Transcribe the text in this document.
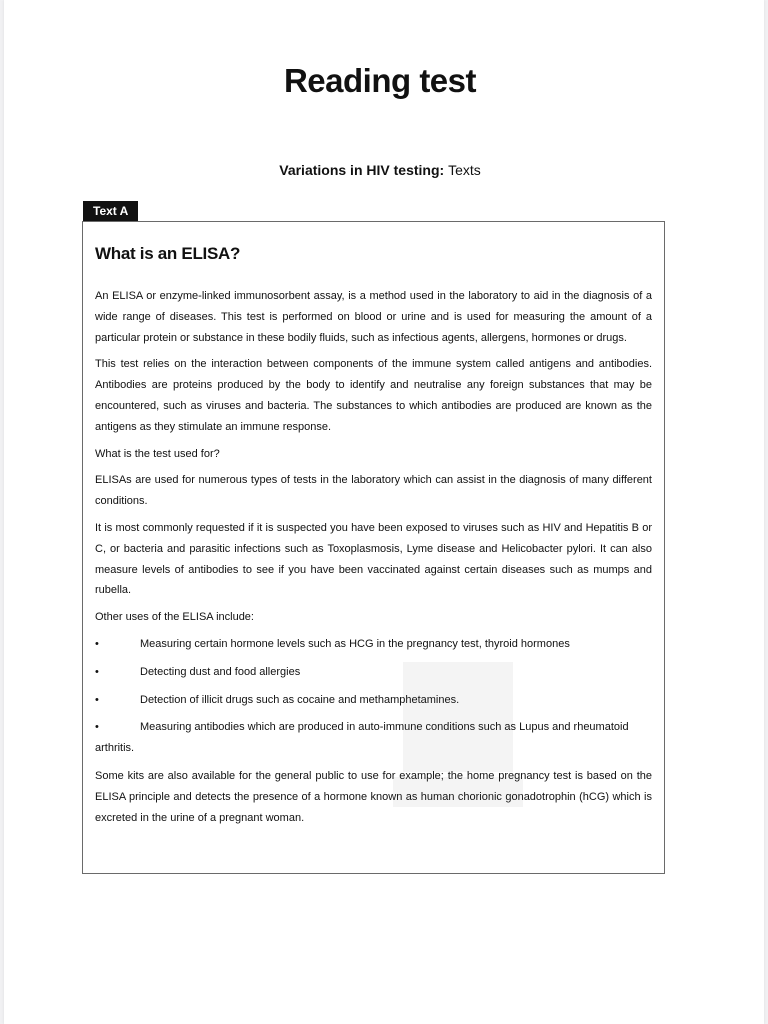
Reading test
Variations in HIV testing: Texts
Text A
What is an ELISA?

An ELISA or enzyme-linked immunosorbent assay, is a method used in the laboratory to aid in the diagnosis of a wide range of diseases. This test is performed on blood or urine and is used for measuring the amount of a particular protein or substance in these bodily fluids, such as infectious agents, allergens, hormones or drugs.

This test relies on the interaction between components of the immune system called antigens and antibodies. Antibodies are proteins produced by the body to identify and neutralise any foreign substances that may be encountered, such as viruses and bacteria. The substances to which antibodies are produced are known as the antigens as they stimulate an immune response.

What is the test used for?

ELISAs are used for numerous types of tests in the laboratory which can assist in the diagnosis of many different conditions.

It is most commonly requested if it is suspected you have been exposed to viruses such as HIV and Hepatitis B or C, or bacteria and parasitic infections such as Toxoplasmosis, Lyme disease and Helicobacter pylori. It can also measure levels of antibodies to see if you have been vaccinated against certain diseases such as mumps and rubella.

Other uses of the ELISA include:

•	Measuring certain hormone levels such as HCG in the pregnancy test, thyroid hormones
•	Detecting dust and food allergies
•	Detection of illicit drugs such as cocaine and methamphetamines.
•	Measuring antibodies which are produced in auto-immune conditions such as Lupus and rheumatoid arthritis.

Some kits are also available for the general public to use for example; the home pregnancy test is based on the ELISA principle and detects the presence of a hormone known as human chorionic gonadotrophin (hCG) which is excreted in the urine of a pregnant woman.
